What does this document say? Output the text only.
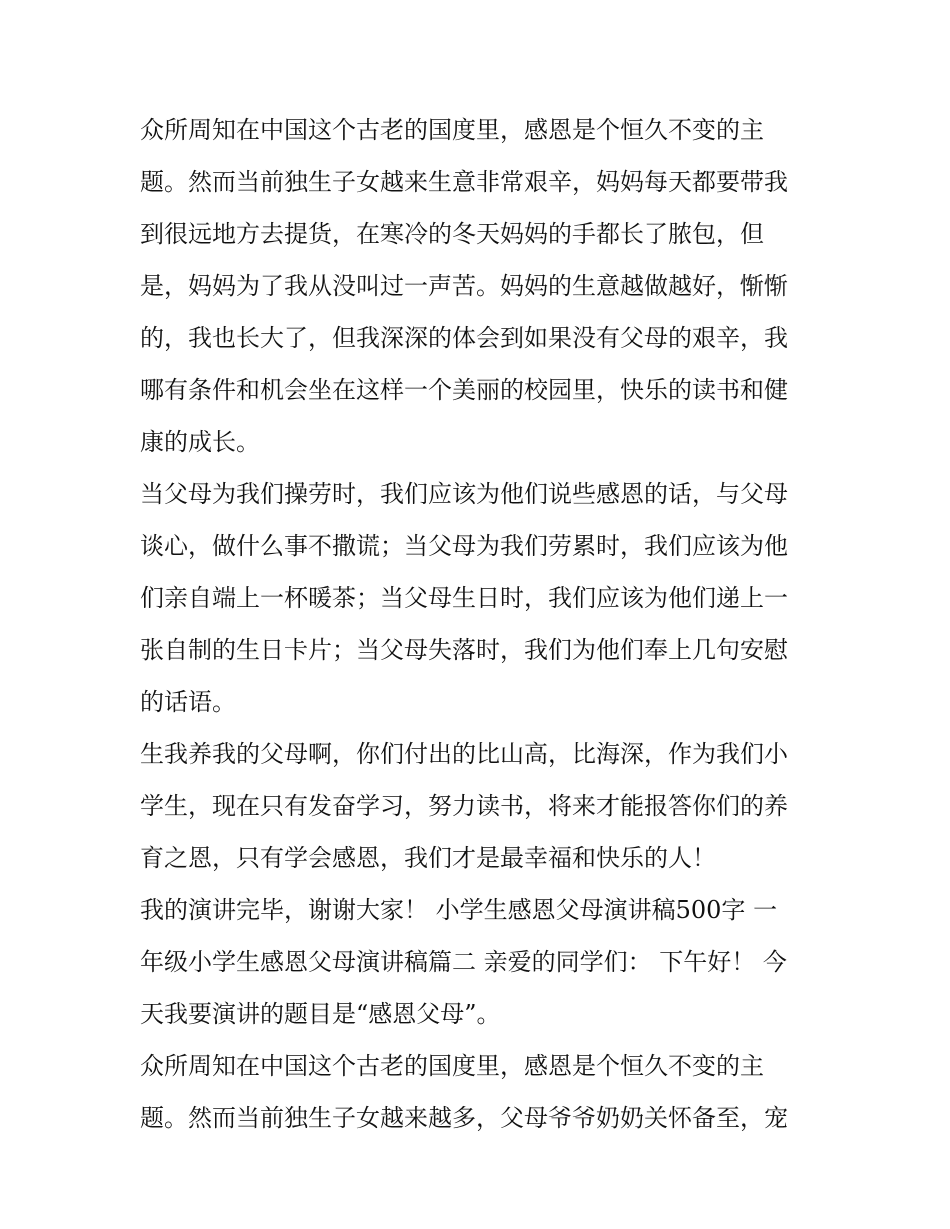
众所周知在中国这个古老的国度里，感恩是个恒久不变的主
题。然而当前独生子女越来生意非常艰辛，妈妈每天都要带我
到很远地方去提货，在寒冷的冬天妈妈的手都长了脓包，但
是，妈妈为了我从没叫过一声苦。妈妈的生意越做越好，惭惭
的，我也长大了，但我深深的体会到如果没有父母的艰辛，我
哪有条件和机会坐在这样一个美丽的校园里，快乐的读书和健
康的成长。
当父母为我们操劳时，我们应该为他们说些感恩的话，与父母
谈心，做什么事不撒谎；当父母为我们劳累时，我们应该为他
们亲自端上一杯暖茶；当父母生日时，我们应该为他们递上一
张自制的生日卡片；当父母失落时，我们为他们奉上几句安慰
的话语。
生我养我的父母啊，你们付出的比山高，比海深，作为我们小
学生，现在只有发奋学习，努力读书，将来才能报答你们的养
育之恩，只有学会感恩，我们才是最幸福和快乐的人！
我的演讲完毕，谢谢大家！ 小学生感恩父母演讲稿500字 一
年级小学生感恩父母演讲稿篇二 亲爱的同学们： 下午好！ 今
天我要演讲的题目是“感恩父母”。
众所周知在中国这个古老的国度里，感恩是个恒久不变的主
题。然而当前独生子女越来越多，父母爷爷奶奶关怀备至，宠
